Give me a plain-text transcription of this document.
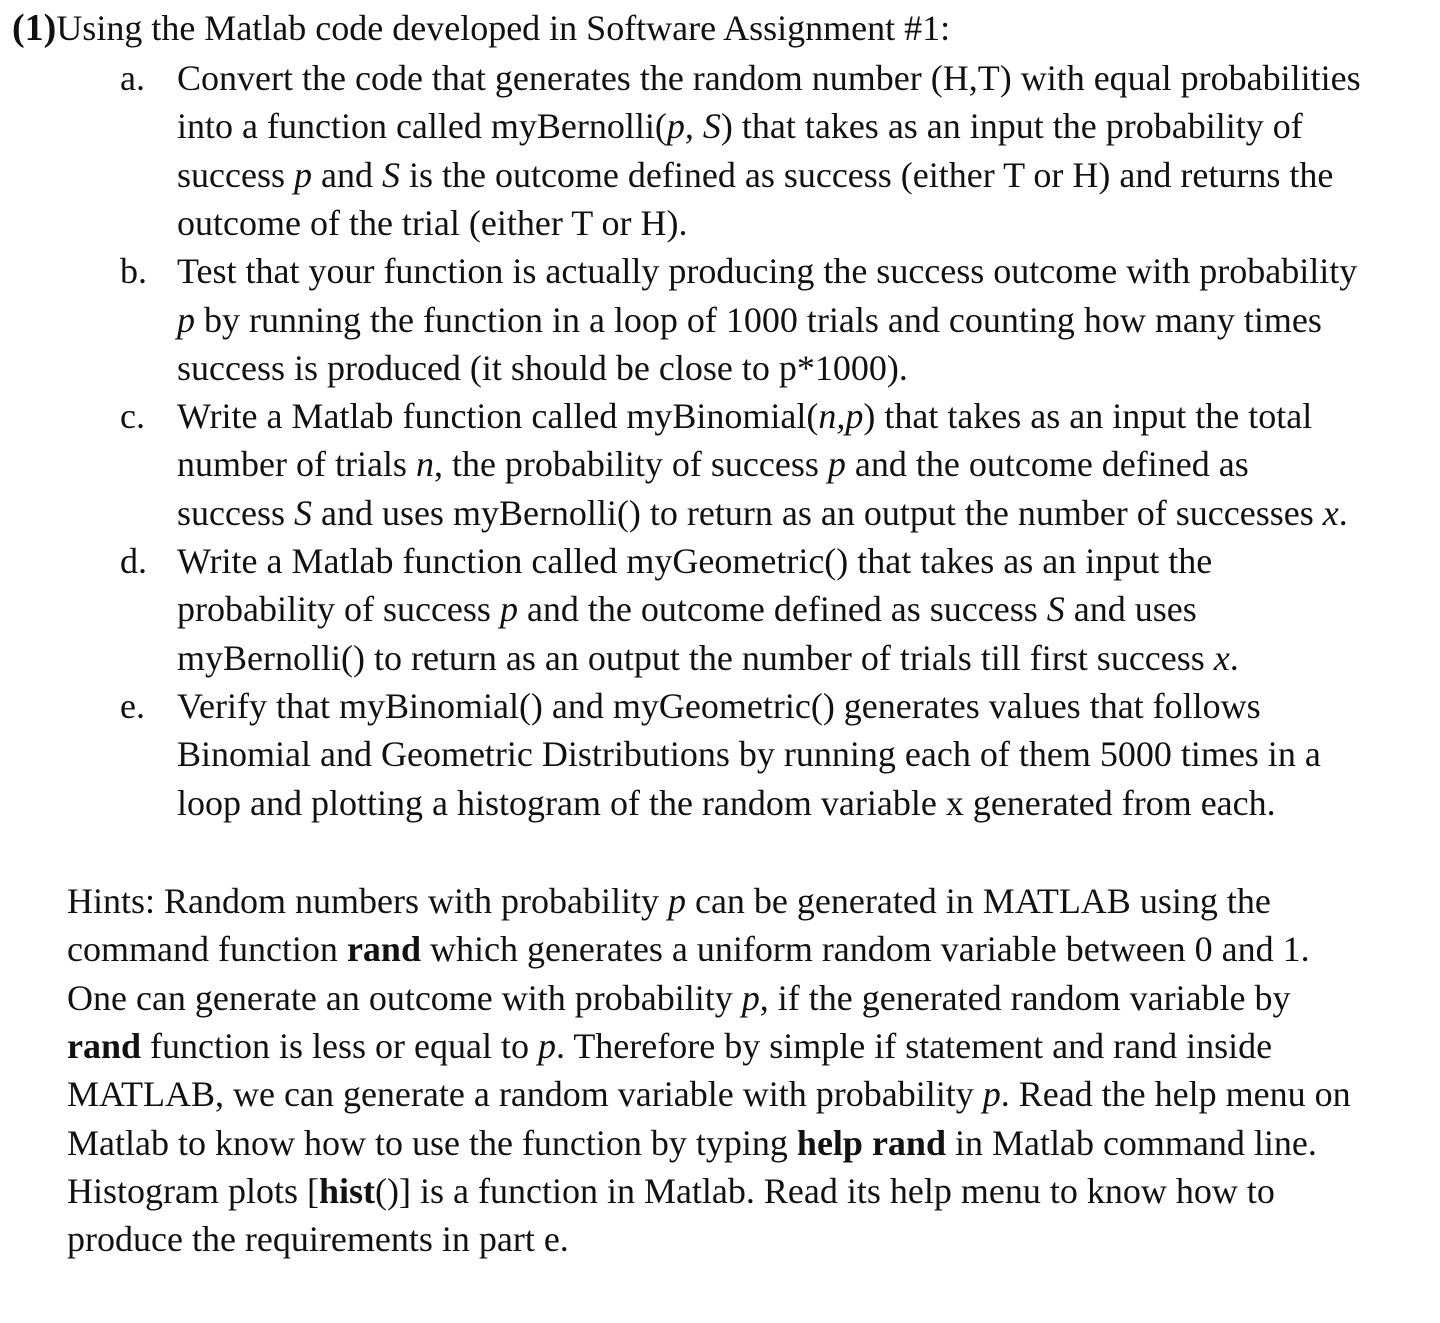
(1)Using the Matlab code developed in Software Assignment #1:
a. Convert the code that generates the random number (H,T) with equal probabilities
into a function called myBernolli(p, S) that takes as an input the probability of
success p and S is the outcome defined as success (either T or H) and returns the
outcome of the trial (either T or H).
b. Test that your function is actually producing the success outcome with probability
p by running the function in a loop of 1000 trials and counting how many times
success is produced (it should be close to p*1000).
c. Write a Matlab function called myBinomial(n,p) that takes as an input the total
number of trials n, the probability of success p and the outcome defined as
success S and uses myBernolli() to return as an output the number of successes x.
d. Write a Matlab function called myGeometric() that takes as an input the
probability of success p and the outcome defined as success S and uses
myBernolli() to return as an output the number of trials till first success x.
e. Verify that myBinomial() and myGeometric() generates values that follows
Binomial and Geometric Distributions by running each of them 5000 times in a
loop and plotting a histogram of the random variable x generated from each.
Hints: Random numbers with probability p can be generated in MATLAB using the
command function rand which generates a uniform random variable between 0 and 1.
One can generate an outcome with probability p, if the generated random variable by
rand function is less or equal to p. Therefore by simple if statement and rand inside
MATLAB, we can generate a random variable with probability p. Read the help menu on
Matlab to know how to use the function by typing help rand in Matlab command line.
Histogram plots [hist()] is a function in Matlab. Read its help menu to know how to
produce the requirements in part e.
